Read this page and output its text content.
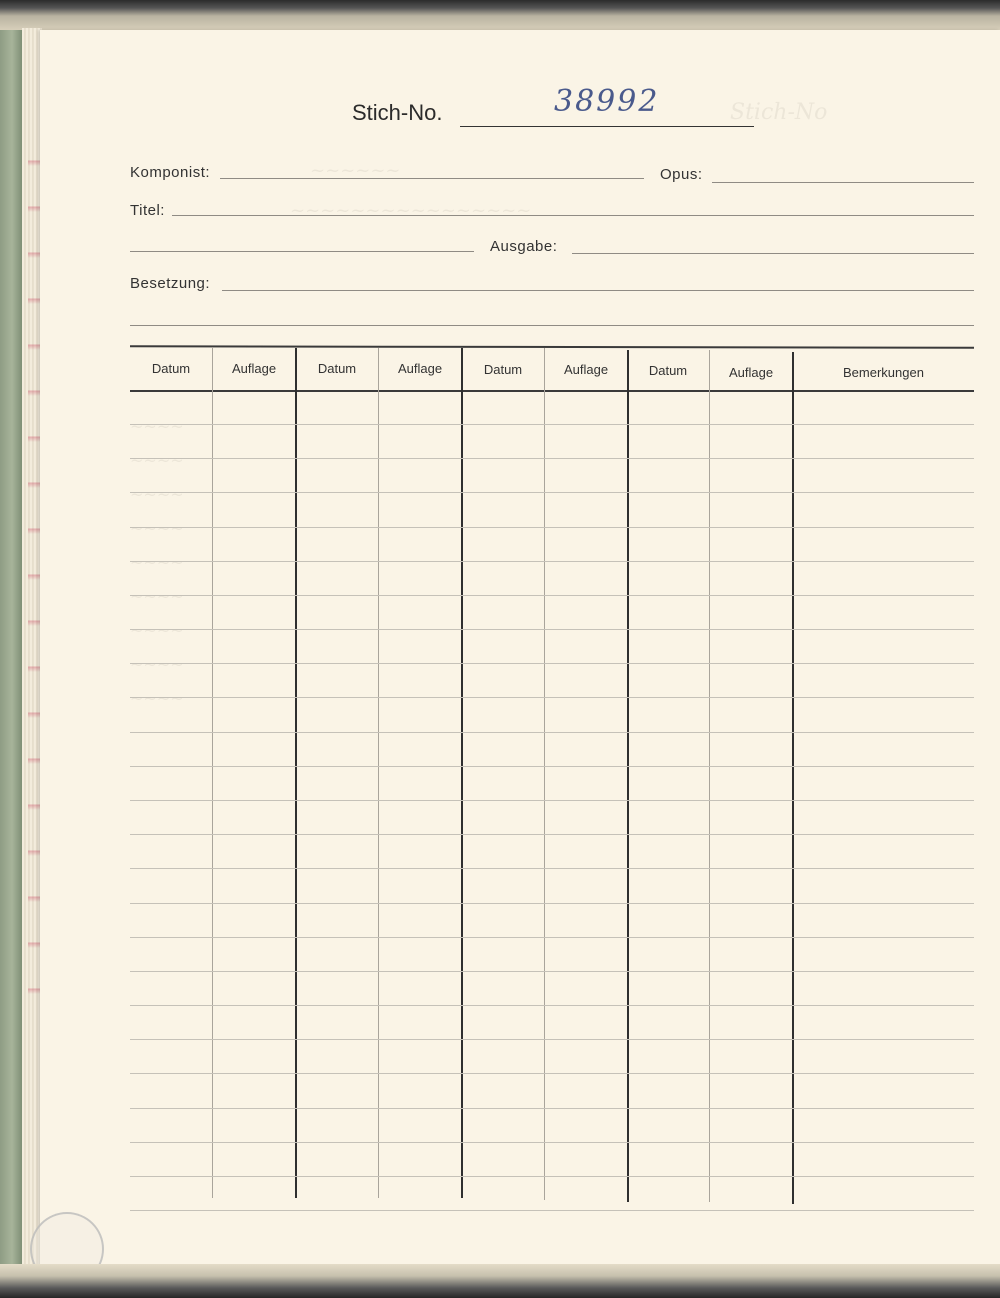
Stich-No
~~~~~~
~~~~~~~~~~~~~~~~
~~~~
~~~~
~~~~
~~~~
~~~~
~~~~
~~~~
~~~~
~~~~
Stich-No.	38992
Komponist:	Opus:
Titel:
Ausgabe:
Besetzung:
Datum	Auflage	Datum	Auflage	Datum	Auflage	Datum	Auflage	Bemerkungen
